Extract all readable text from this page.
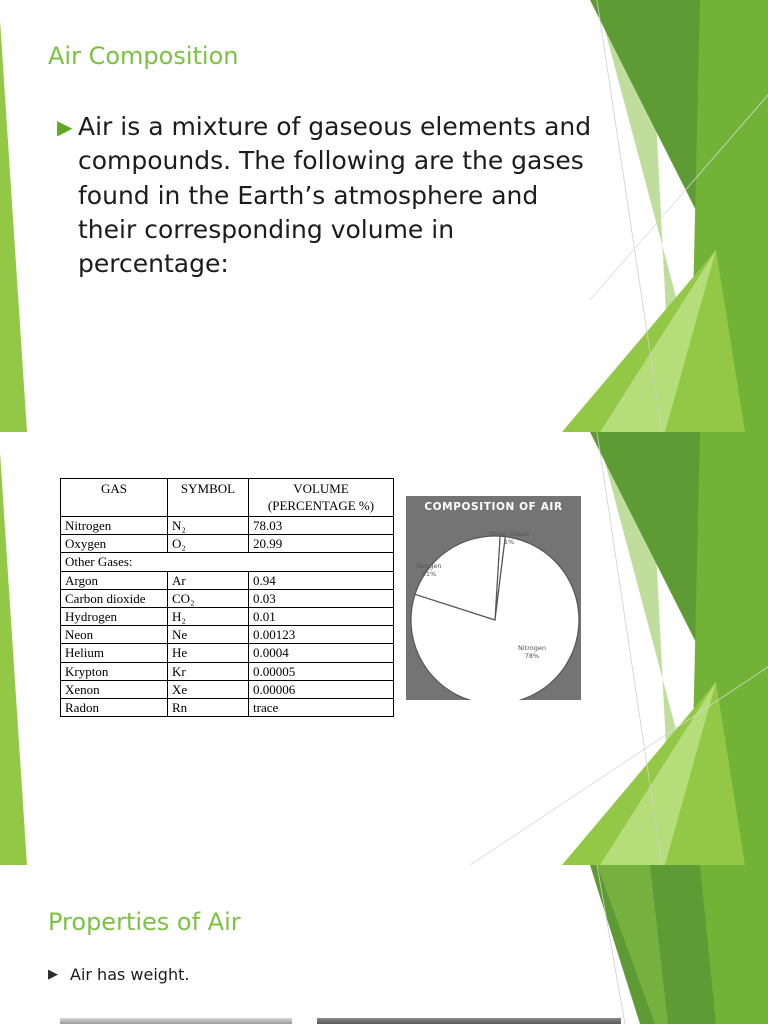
Air Composition
▶ Air is a mixture of gaseous elements and compounds. The following are the gases found in the Earth’s atmosphere and their corresponding volume in percentage:
GAS	SYMBOL	VOLUME
(PERCENTAGE %)
Nitrogen	N₂	78.03
Oxygen	O₂	20.99
Other Gases:		
Argon	Ar	0.94
Carbon dioxide	CO₂	0.03
Hydrogen	H₂	0.01
Neon	Ne	0.00123
Helium	He	0.0004
Krypton	Kr	0.00005
Xenon	Xe	0.00006
Radon	Rn	trace
COMPOSITION OF AIR
Nitrogen 78%
Oxygen 21%
Other Gases 1%
Properties of Air
▶ Air has weight.
